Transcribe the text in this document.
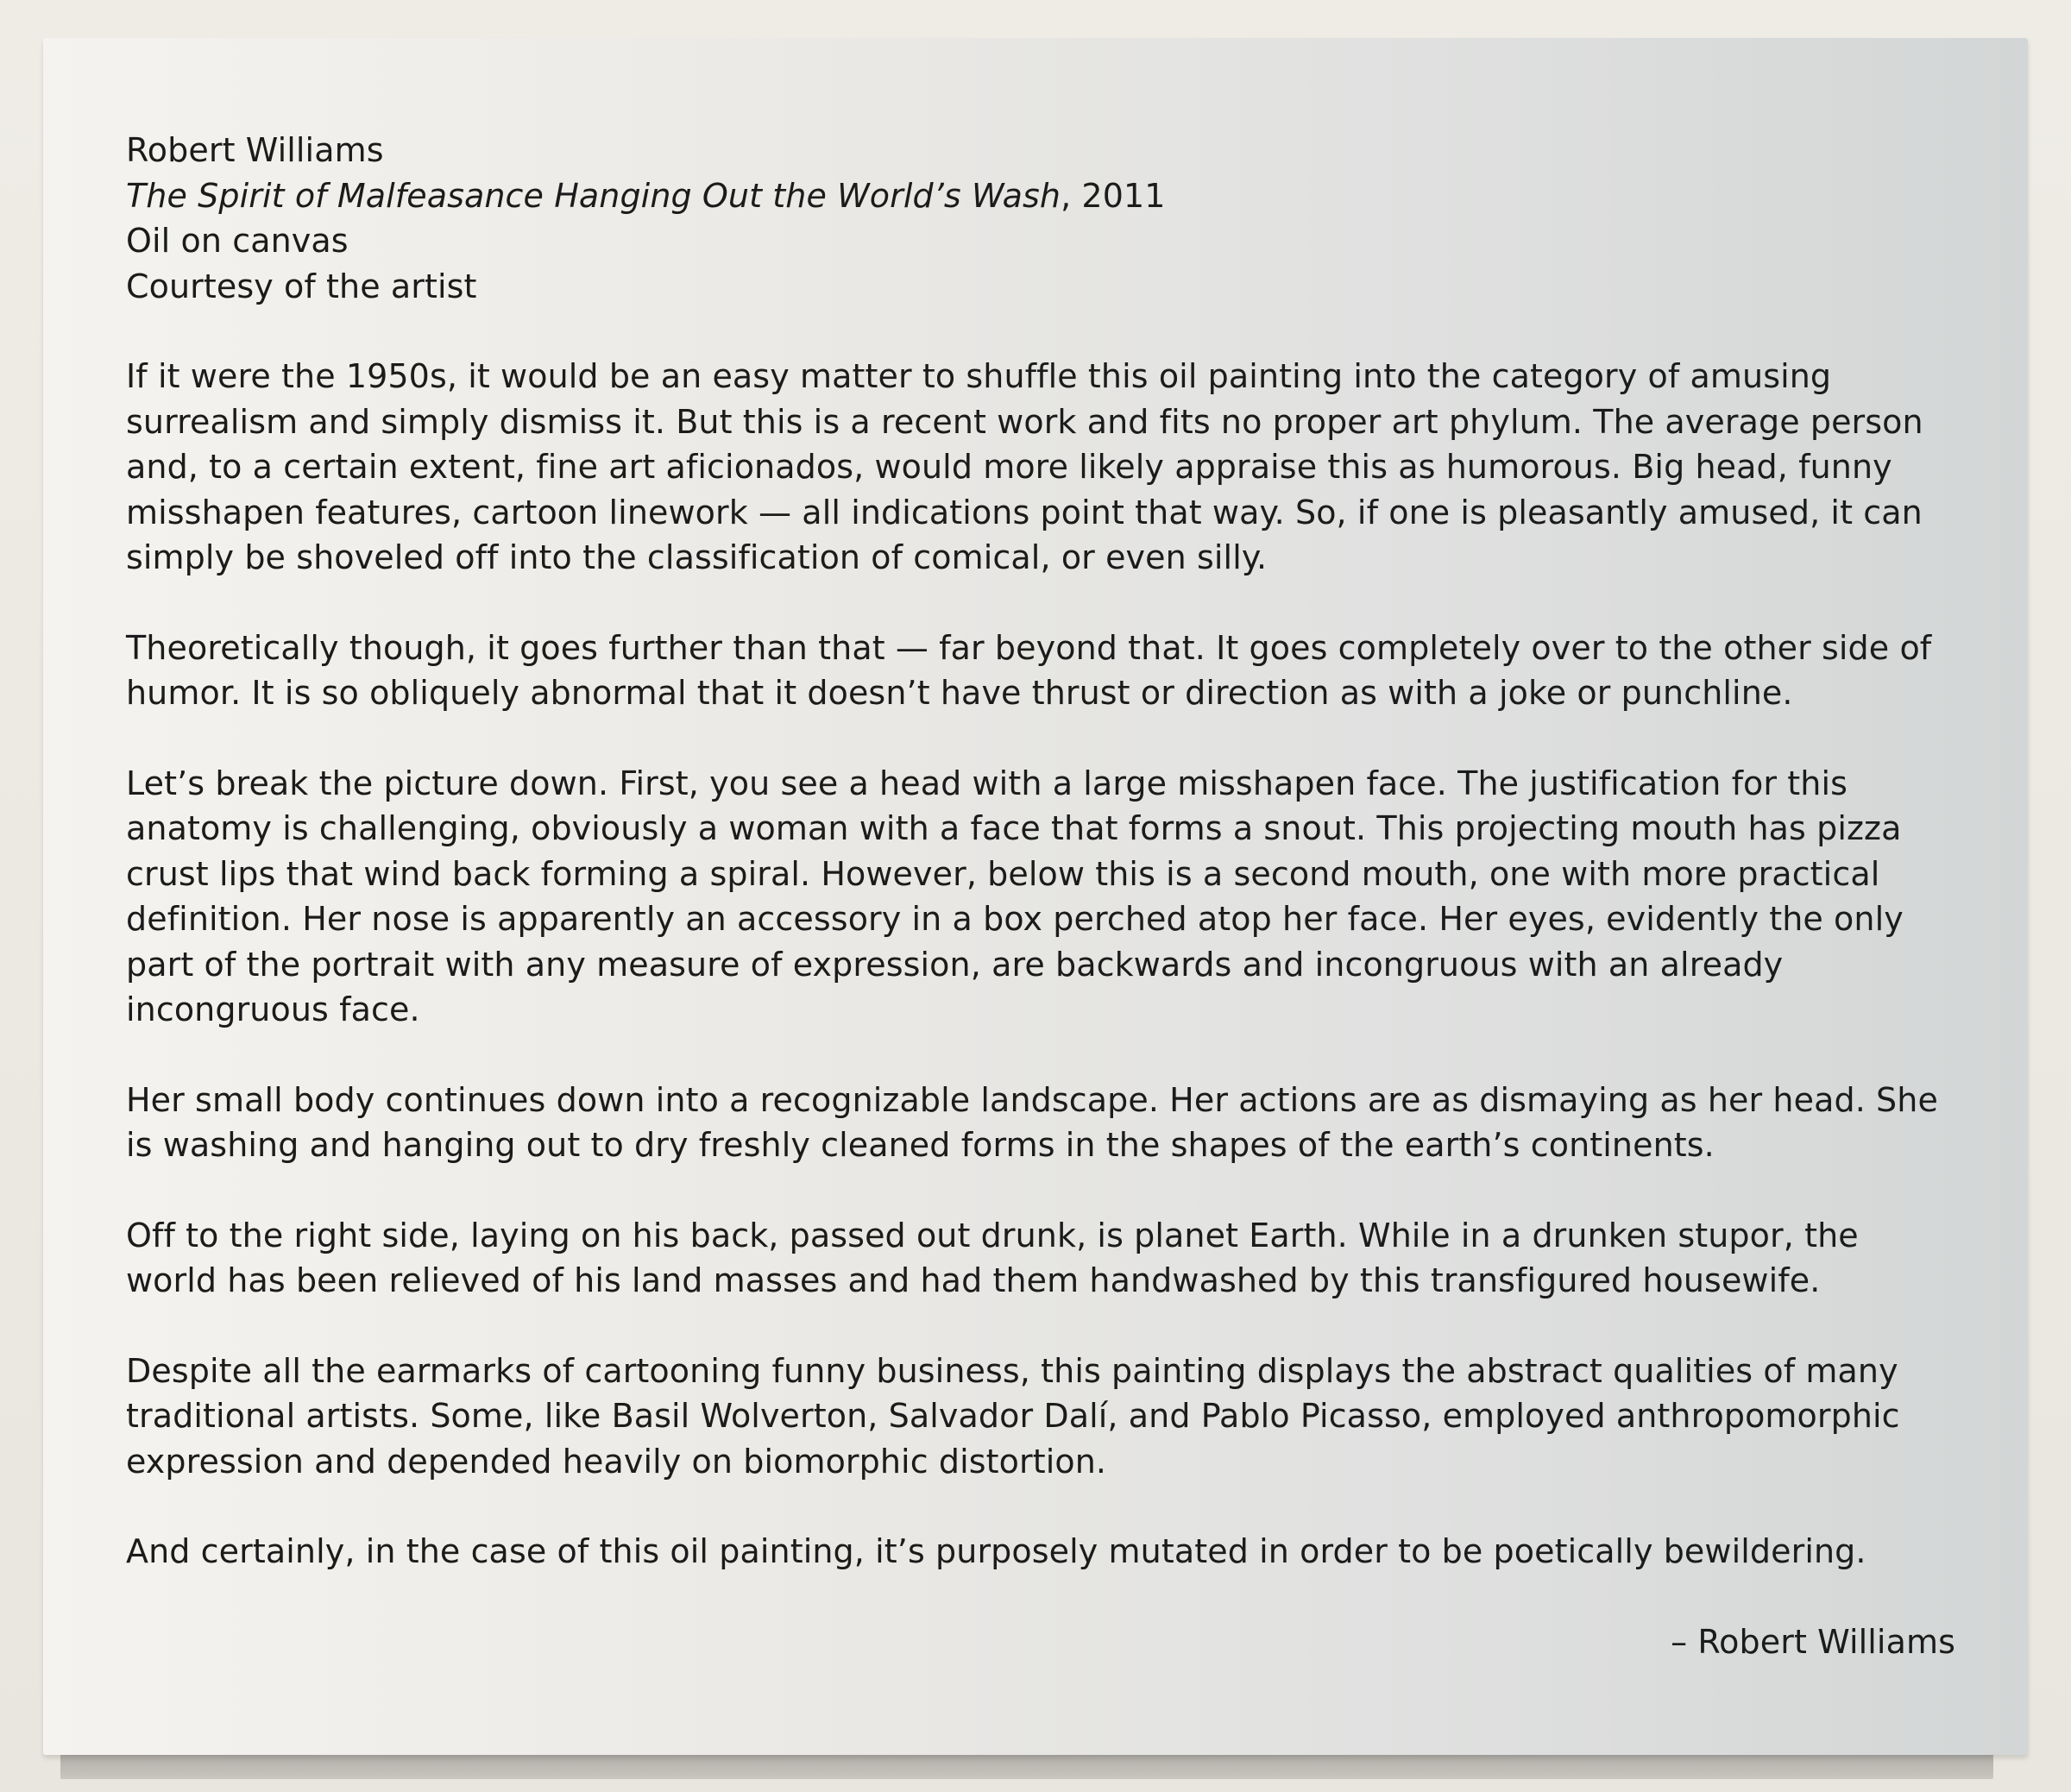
Robert Williams

The Spirit of Malfeasance Hanging Out the World’s Wash, 2011

Oil on canvas

Courtesy of the artist

If it were the 1950s, it would be an easy matter to shuffle this oil painting into the category of amusing surrealism and simply dismiss it. But this is a recent work and fits no proper art phylum. The average person and, to a certain extent, fine art aficionados, would more likely appraise this as humorous. Big head, funny misshapen features, cartoon linework — all indications point that way. So, if one is pleasantly amused, it can simply be shoveled off into the classification of comical, or even silly.

Theoretically though, it goes further than that — far beyond that. It goes completely over to the other side of humor. It is so obliquely abnormal that it doesn’t have thrust or direction as with a joke or punchline.

Let’s break the picture down. First, you see a head with a large misshapen face. The justification for this anatomy is challenging, obviously a woman with a face that forms a snout. This projecting mouth has pizza crust lips that wind back forming a spiral. However, below this is a second mouth, one with more practical definition. Her nose is apparently an accessory in a box perched atop her face. Her eyes, evidently the only part of the portrait with any measure of expression, are backwards and incongruous with an already incongruous face.

Her small body continues down into a recognizable landscape. Her actions are as dismaying as her head. She is washing and hanging out to dry freshly cleaned forms in the shapes of the earth’s continents.

Off to the right side, laying on his back, passed out drunk, is planet Earth. While in a drunken stupor, the world has been relieved of his land masses and had them handwashed by this transfigured housewife.

Despite all the earmarks of cartooning funny business, this painting displays the abstract qualities of many traditional artists. Some, like Basil Wolverton, Salvador Dalí, and Pablo Picasso, employed anthropomorphic expression and depended heavily on biomorphic distortion.

And certainly, in the case of this oil painting, it’s purposely mutated in order to be poetically bewildering.

– Robert Williams
